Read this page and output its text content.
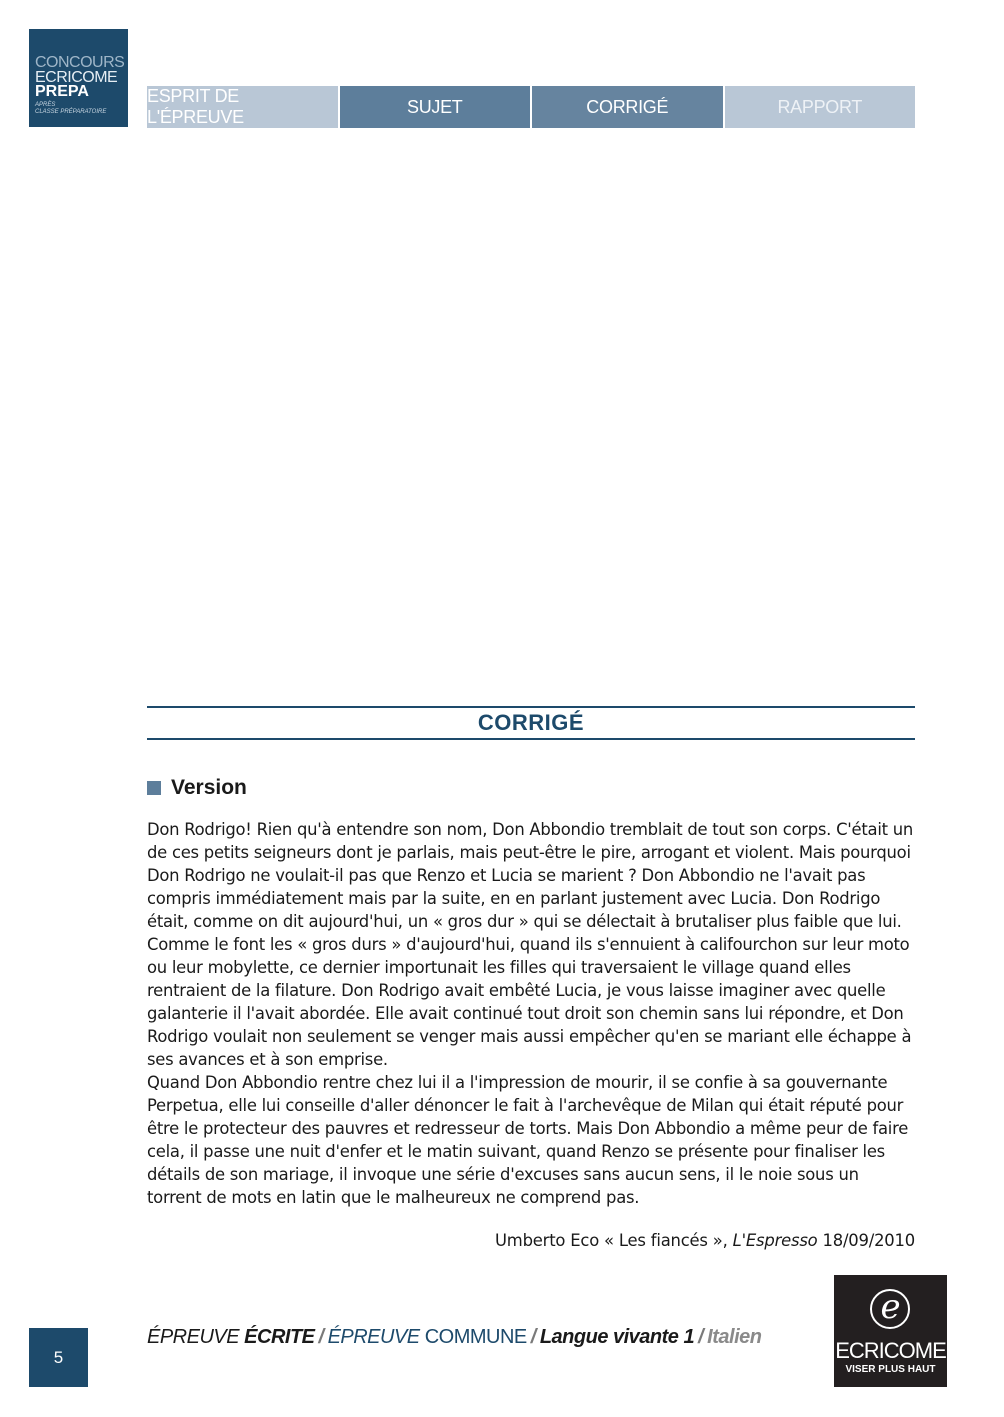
CONCOURS
ECRICOME
PREPA
APRÈS
CLASSE PRÉPARATOIRE
ESPRIT DE L'ÉPREUVE
SUJET	CORRIGÉ	RAPPORT
CORRIGÉ
Version

Don Rodrigo! Rien qu'à entendre son nom, Don Abbondio tremblait de tout son corps. C'était un de ces petits seigneurs dont je parlais, mais peut-être le pire, arrogant et violent. Mais pourquoi Don Rodrigo ne voulait-il pas que Renzo et Lucia se marient ? Don Abbondio ne l'avait pas compris immédiatement mais par la suite, en en parlant justement avec Lucia. Don Rodrigo était, comme on dit aujourd'hui, un « gros dur » qui se délectait à brutaliser plus faible que lui. Comme le font les « gros durs » d'aujourd'hui, quand ils s'ennuient à califourchon sur leur moto ou leur mobylette, ce dernier importunait les filles qui traversaient le village quand elles rentraient de la filature. Don Rodrigo avait embêté Lucia, je vous laisse imaginer avec quelle galanterie il l'avait abordée. Elle avait continué tout droit son chemin sans lui répondre, et Don Rodrigo voulait non seulement se venger mais aussi empêcher qu'en se mariant elle échappe à ses avances et à son emprise.

Quand Don Abbondio rentre chez lui il a l'impression de mourir, il se confie à sa gouvernante Perpetua, elle lui conseille d'aller dénoncer le fait à l'archevêque de Milan qui était réputé pour être le protecteur des pauvres et redresseur de torts. Mais Don Abbondio a même peur de faire cela, il passe une nuit d'enfer et le matin suivant, quand Renzo se présente pour finaliser les détails de son mariage, il invoque une série d'excuses sans aucun sens, il le noie sous un torrent de mots en latin que le malheureux ne comprend pas.

Umberto Eco « Les fiancés », L'Espresso 18/09/2010
5
ÉPREUVE ÉCRITE / ÉPREUVE COMMUNE / Langue vivante 1 / Italien
e
ECRICOME
VISER PLUS HAUT
